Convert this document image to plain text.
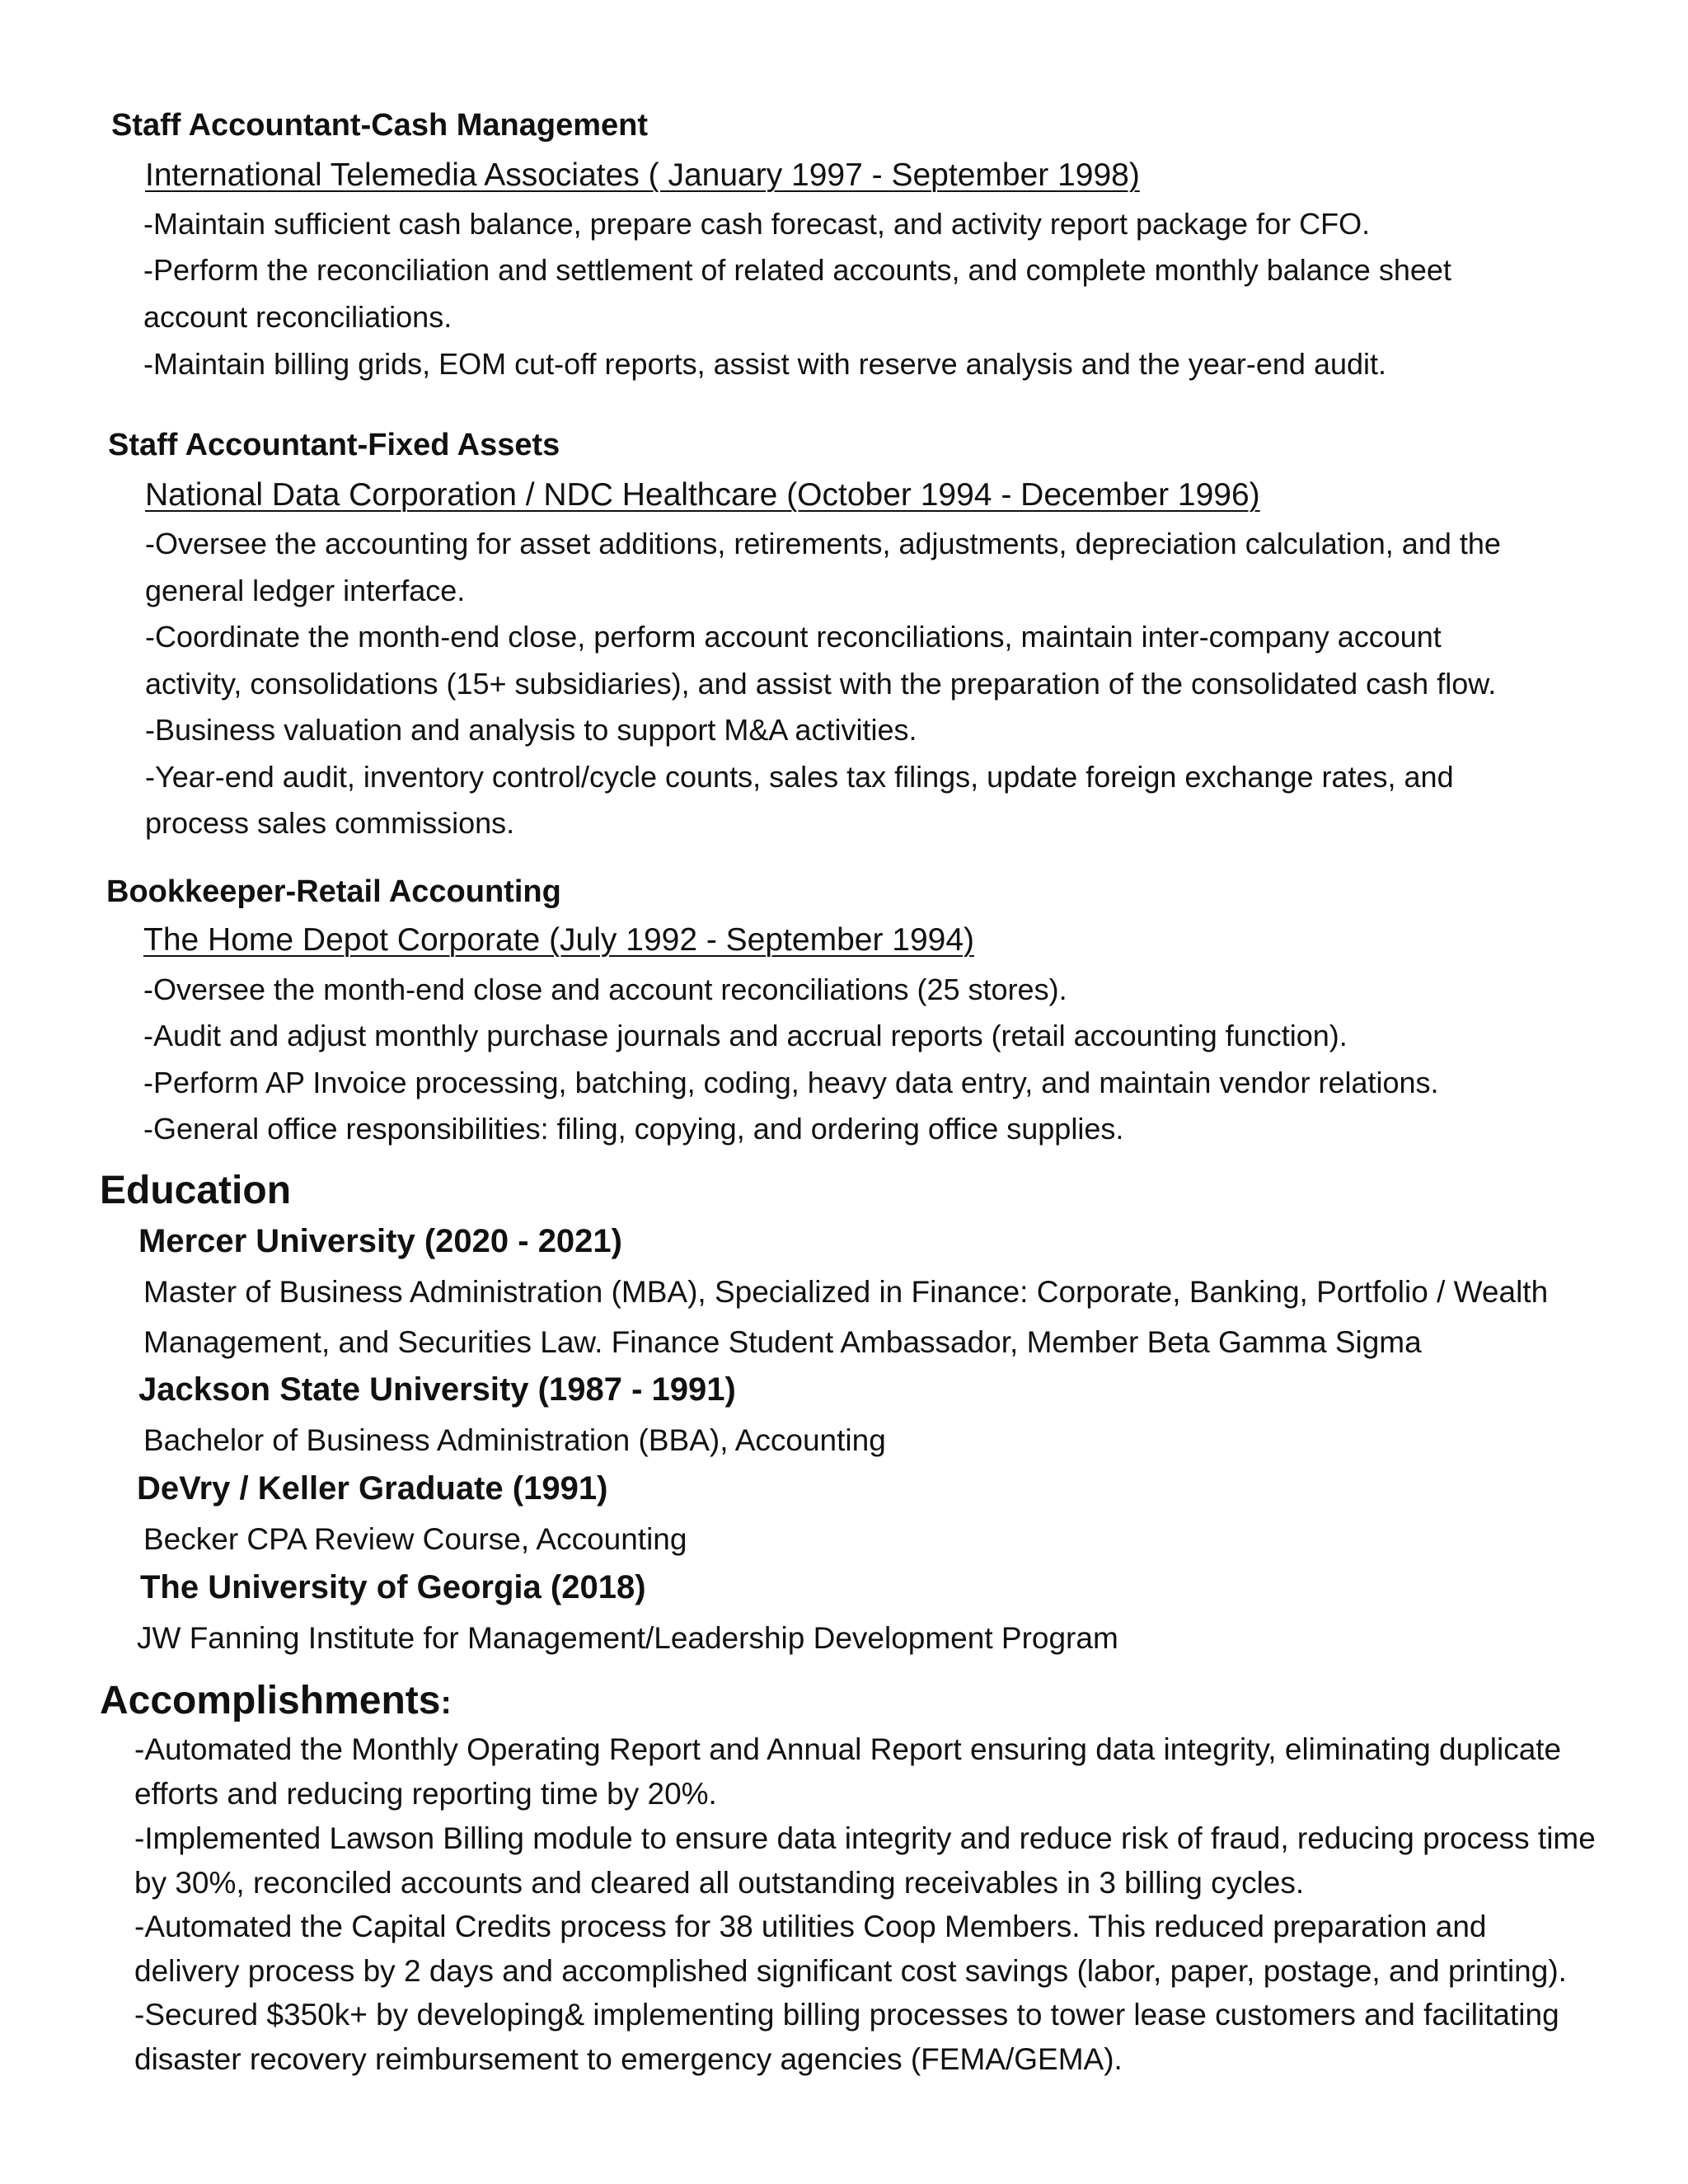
Staff Accountant-Cash Management
International Telemedia Associates ( January 1997 - September 1998)
-Maintain sufficient cash balance, prepare cash forecast, and activity report package for CFO.
-Perform the reconciliation and settlement of related accounts, and complete monthly balance sheet
account reconciliations.
-Maintain billing grids, EOM cut-off reports, assist with reserve analysis and the year-end audit.
Staff Accountant-Fixed Assets
National Data Corporation / NDC Healthcare (October 1994 - December 1996)
-Oversee the accounting for asset additions, retirements, adjustments, depreciation calculation, and the
general ledger interface.
-Coordinate the month-end close, perform account reconciliations, maintain inter-company account
activity, consolidations (15+ subsidiaries), and assist with the preparation of the consolidated cash flow.
-Business valuation and analysis to support M&A activities.
-Year-end audit, inventory control/cycle counts, sales tax filings, update foreign exchange rates, and
process sales commissions.
Bookkeeper-Retail Accounting
The Home Depot Corporate (July 1992 - September 1994)
-Oversee the month-end close and account reconciliations (25 stores).
-Audit and adjust monthly purchase journals and accrual reports (retail accounting function).
-Perform AP Invoice processing, batching, coding, heavy data entry, and maintain vendor relations.
-General office responsibilities: filing, copying, and ordering office supplies.
Education
Mercer University (2020 - 2021)
Master of Business Administration (MBA), Specialized in Finance: Corporate, Banking, Portfolio / Wealth
Management, and Securities Law. Finance Student Ambassador, Member Beta Gamma Sigma
Jackson State University (1987 - 1991)
Bachelor of Business Administration (BBA), Accounting
DeVry / Keller Graduate (1991)
Becker CPA Review Course, Accounting
The University of Georgia (2018)
JW Fanning Institute for Management/Leadership Development Program
Accomplishments:
-Automated the Monthly Operating Report and Annual Report ensuring data integrity, eliminating duplicate
efforts and reducing reporting time by 20%.
-Implemented Lawson Billing module to ensure data integrity and reduce risk of fraud, reducing process time
by 30%, reconciled accounts and cleared all outstanding receivables in 3 billing cycles.
-Automated the Capital Credits process for 38 utilities Coop Members. This reduced preparation and
delivery process by 2 days and accomplished significant cost savings (labor, paper, postage, and printing).
-Secured $350k+ by developing& implementing billing processes to tower lease customers and facilitating
disaster recovery reimbursement to emergency agencies (FEMA/GEMA).
